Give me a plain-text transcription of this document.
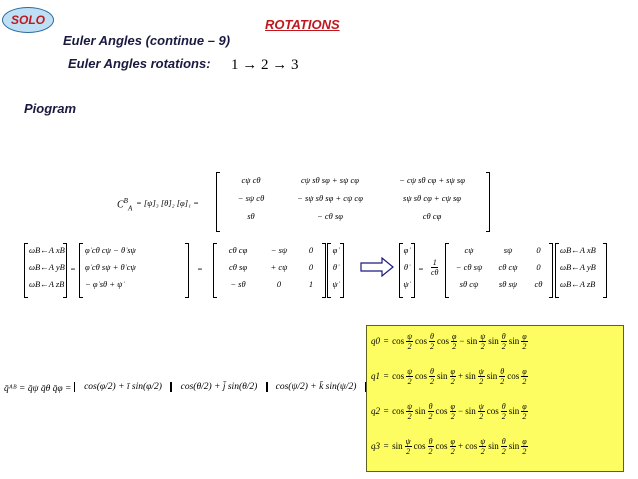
SOLO	ROTATIONS
Euler Angles (continue – 9)
Euler Angles rotations: 1 → 2 → 3
Piogram
$C^B_A$
= [ψ]₃ [θ]₂ [φ]₁ =
cψ cθ	cψ sθ sφ + sψ cφ	− cψ sθ cφ + sψ sφ
− sψ cθ	− sψ sθ sφ + cψ cφ	sψ sθ cφ + cψ sφ
sθ	− cθ sφ	cθ cφ
ωB←A xB
ωB←A yB
ωB←A zB
=
φ̇ cθ cψ − θ̇ sψ
φ̇ cθ sψ + θ̇ cψ
− φ̇ sθ + ψ̇
=
cθ cφ	− sψ	0
cθ sφ	+ cψ	0
− sθ	0	1
φ̇
θ̇
ψ̇
φ̇
θ̇
ψ̇
= $\frac{1}{c\theta}$
cψ	sψ	0
− cθ sψ	cθ cψ	0
sθ cψ	sθ sψ	cθ
ωB←A xB
ωB←A yB
ωB←A zB
q̄ᴬᴮ = q̄ψ q̄θ q̄φ =	cos(φ/2) + ī sin(φ/2)	cos(θ/2) + j̄ sin(θ/2)	cos(ψ/2) + k̄ sin(ψ/2)
$q0 = \cos \frac{\psi}{2}$ $\cos \frac{\theta}{2}$ $\cos \frac{\varphi}{2} - \sin \frac{\psi}{2}$ $\sin \frac{\theta}{2}$ $\sin \frac{\varphi}{2}$
$q1 = \cos \frac{\psi}{2}$ $\cos \frac{\theta}{2}$ $\sin \frac{\varphi}{2} + \sin \frac{\psi}{2}$ $\sin \frac{\theta}{2}$ $\cos \frac{\varphi}{2}$
$q2 = \cos \frac{\psi}{2}$ $\sin \frac{\theta}{2}$ $\cos \frac{\varphi}{2} - \sin \frac{\psi}{2}$ $\cos \frac{\theta}{2}$ $\sin \frac{\varphi}{2}$
$q3 = \sin \frac{\psi}{2}$ $\cos \frac{\theta}{2}$ $\cos \frac{\varphi}{2} + \cos \frac{\psi}{2}$ $\sin \frac{\theta}{2}$ $\sin \frac{\varphi}{2}$
